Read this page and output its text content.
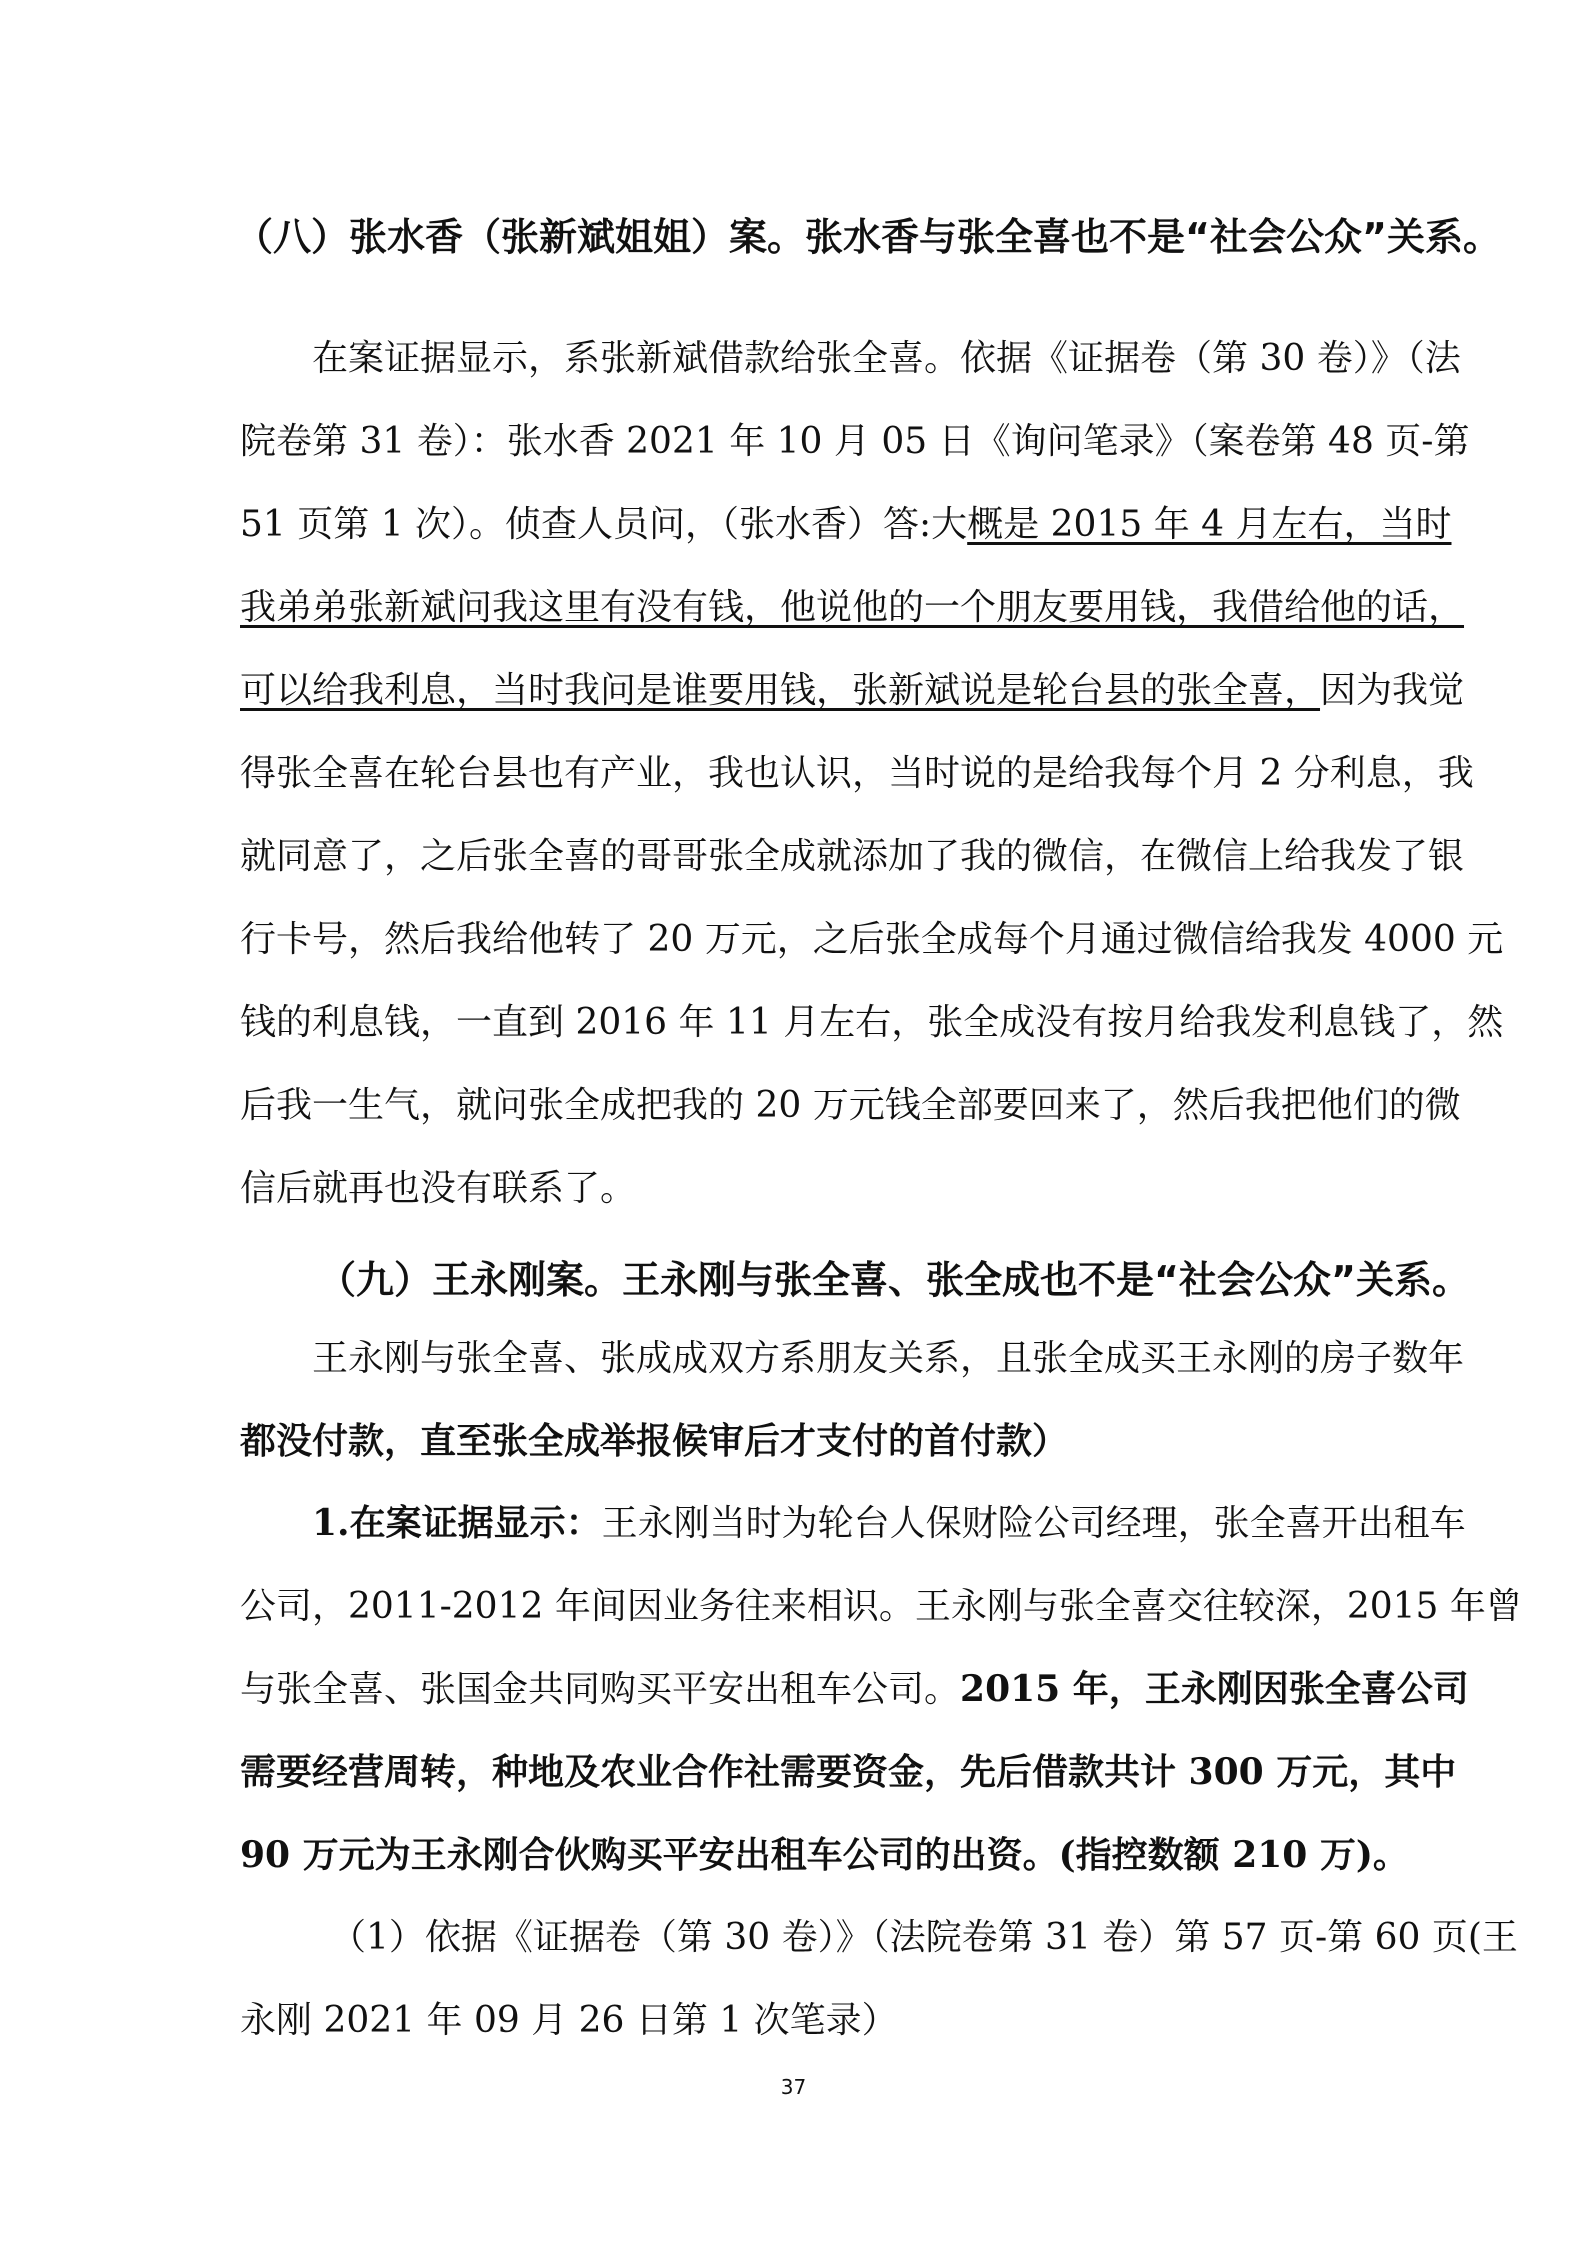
（八）张水香（张新斌姐姐）案。张水香与张全喜也不是“社会公众”关系。
在案证据显示，系张新斌借款给张全喜。依据《证据卷（第 30 卷）》（法
院卷第 31 卷）：张水香 2021 年 10 月 05 日《询问笔录》（案卷第 48 页-第
51 页第 1 次）。侦查人员问，（张水香）答:大概是 2015 年 4 月左右，当时
我弟弟张新斌问我这里有没有钱，他说他的一个朋友要用钱，我借给他的话，
可以给我利息，当时我问是谁要用钱，张新斌说是轮台县的张全喜，因为我觉
得张全喜在轮台县也有产业，我也认识，当时说的是给我每个月 2 分利息，我
就同意了，之后张全喜的哥哥张全成就添加了我的微信，在微信上给我发了银
行卡号，然后我给他转了 20 万元，之后张全成每个月通过微信给我发 4000 元
钱的利息钱，一直到 2016 年 11 月左右，张全成没有按月给我发利息钱了，然
后我一生气，就问张全成把我的 20 万元钱全部要回来了，然后我把他们的微
信后就再也没有联系了。
（九）王永刚案。王永刚与张全喜、张全成也不是“社会公众”关系。
王永刚与张全喜、张成成双方系朋友关系，且张全成买王永刚的房子数年
都没付款，直至张全成举报候审后才支付的首付款）
1.在案证据显示：王永刚当时为轮台人保财险公司经理，张全喜开出租车
公司，2011-2012 年间因业务往来相识。王永刚与张全喜交往较深，2015 年曾
与张全喜、张国金共同购买平安出租车公司。2015 年，王永刚因张全喜公司
需要经营周转，种地及农业合作社需要资金，先后借款共计 300 万元，其中
90 万元为王永刚合伙购买平安出租车公司的出资。(指控数额 210 万)。
（1）依据《证据卷（第 30 卷）》（法院卷第 31 卷）第 57 页-第 60 页(王
永刚 2021 年 09 月 26 日第 1 次笔录）
37
